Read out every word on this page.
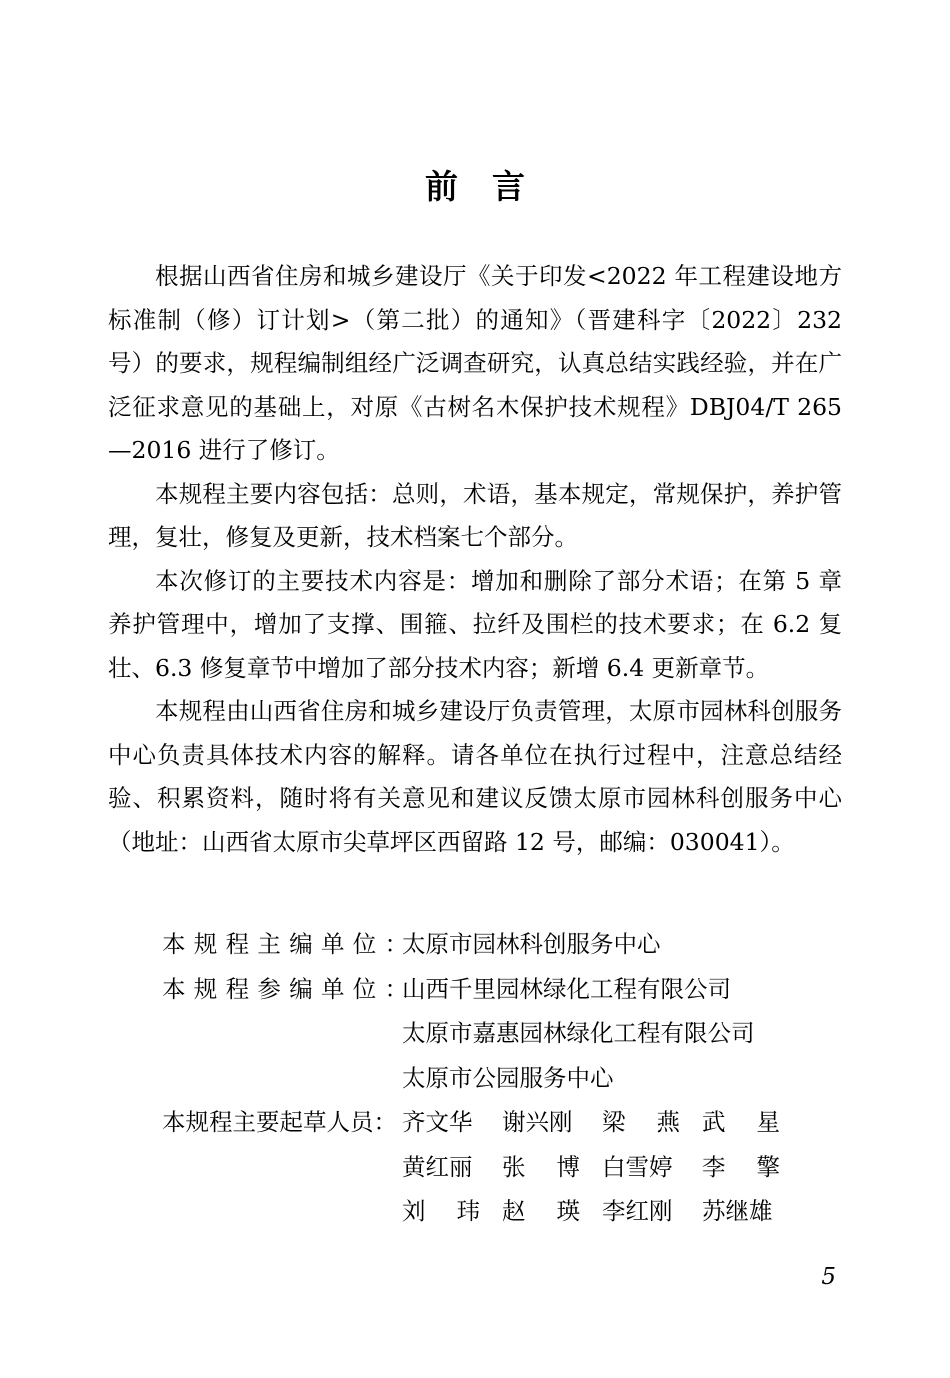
前言

根据山西省住房和城乡建设厅《关于印发<2022 年工程建设地方标准制（修）订计划>（第二批）的通知》（晋建科字〔2022〕232 号）的要求，规程编制组经广泛调查研究，认真总结实践经验，并在广泛征求意见的基础上，对原《古树名木保护技术规程》DBJ04/T 265—2016 进行了修订。

本规程主要内容包括：总则，术语，基本规定，常规保护，养护管理，复壮，修复及更新，技术档案七个部分。

本次修订的主要技术内容是：增加和删除了部分术语；在第 5 章养护管理中，增加了支撑、围箍、拉纤及围栏的技术要求；在 6.2 复壮、6.3 修复章节中增加了部分技术内容；新增 6.4 更新章节。

本规程由山西省住房和城乡建设厅负责管理，太原市园林科创服务中心负责具体技术内容的解释。请各单位在执行过程中，注意总结经验、积累资料，随时将有关意见和建议反馈太原市园林科创服务中心（地址：山西省太原市尖草坪区西留路 12 号，邮编：030041）。

本规程主编单位：
太原市园林科创服务中心
本规程参编单位：
山西千里园林绿化工程有限公司
太原市嘉惠园林绿化工程有限公司
太原市公园服务中心
本规程主要起草人员： 齐文华	谢兴刚	梁 燕 武 星
黄红丽	张 博 白雪婷	李 擎
刘 玮 赵 瑛 李红刚	苏继雄
5
